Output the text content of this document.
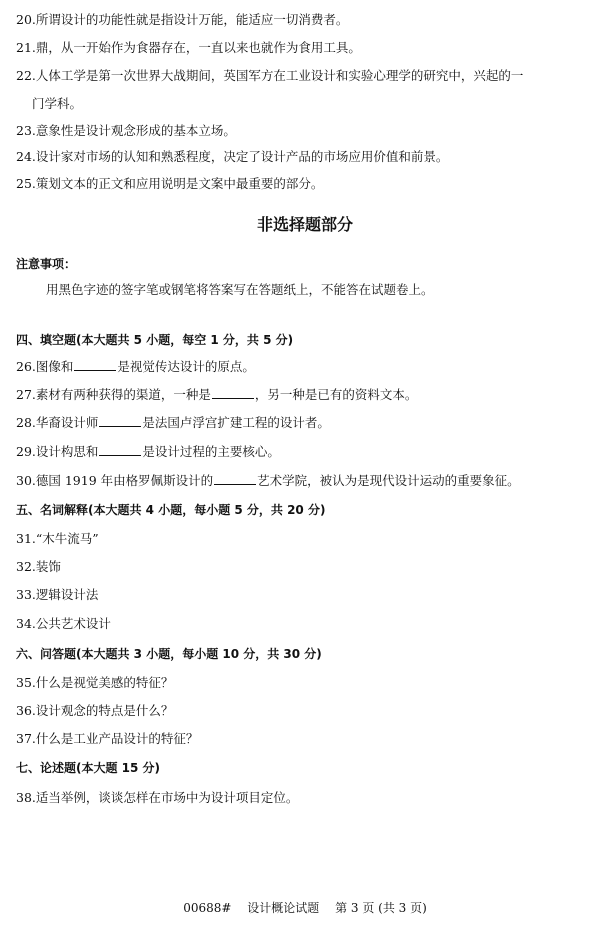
20.所谓设计的功能性就是指设计万能，能适应一切消费者。
21.鼎，从一开始作为食器存在，一直以来也就作为食用工具。
22.人体工学是第一次世界大战期间，英国军方在工业设计和实验心理学的研究中，兴起的一
门学科。
23.意象性是设计观念形成的基本立场。
24.设计家对市场的认知和熟悉程度，决定了设计产品的市场应用价值和前景。
25.策划文本的正文和应用说明是文案中最重要的部分。
非选择题部分
注意事项：
用黑色字迹的签字笔或钢笔将答案写在答题纸上，不能答在试题卷上。
四、填空题(本大题共 5 小题，每空 1 分，共 5 分)
26.图像和	是视觉传达设计的原点。
27.素材有两种获得的渠道，一种是	，另一种是已有的资料文本。
28.华裔设计师	是法国卢浮宫扩建工程的设计者。
29.设计构思和	是设计过程的主要核心。
30.德国 1919 年由格罗佩斯设计的	艺术学院，被认为是现代设计运动的重要象征。
五、名词解释(本大题共 4 小题，每小题 5 分，共 20 分)
31.“木牛流马”
32.装饰
33.逻辑设计法
34.公共艺术设计
六、问答题(本大题共 3 小题，每小题 10 分，共 30 分)
35.什么是视觉美感的特征？
36.设计观念的特点是什么？
37.什么是工业产品设计的特征？
七、论述题(本大题 15 分)
38.适当举例，谈谈怎样在市场中为设计项目定位。
00688# 设计概论试题 第 3 页 (共 3 页)
